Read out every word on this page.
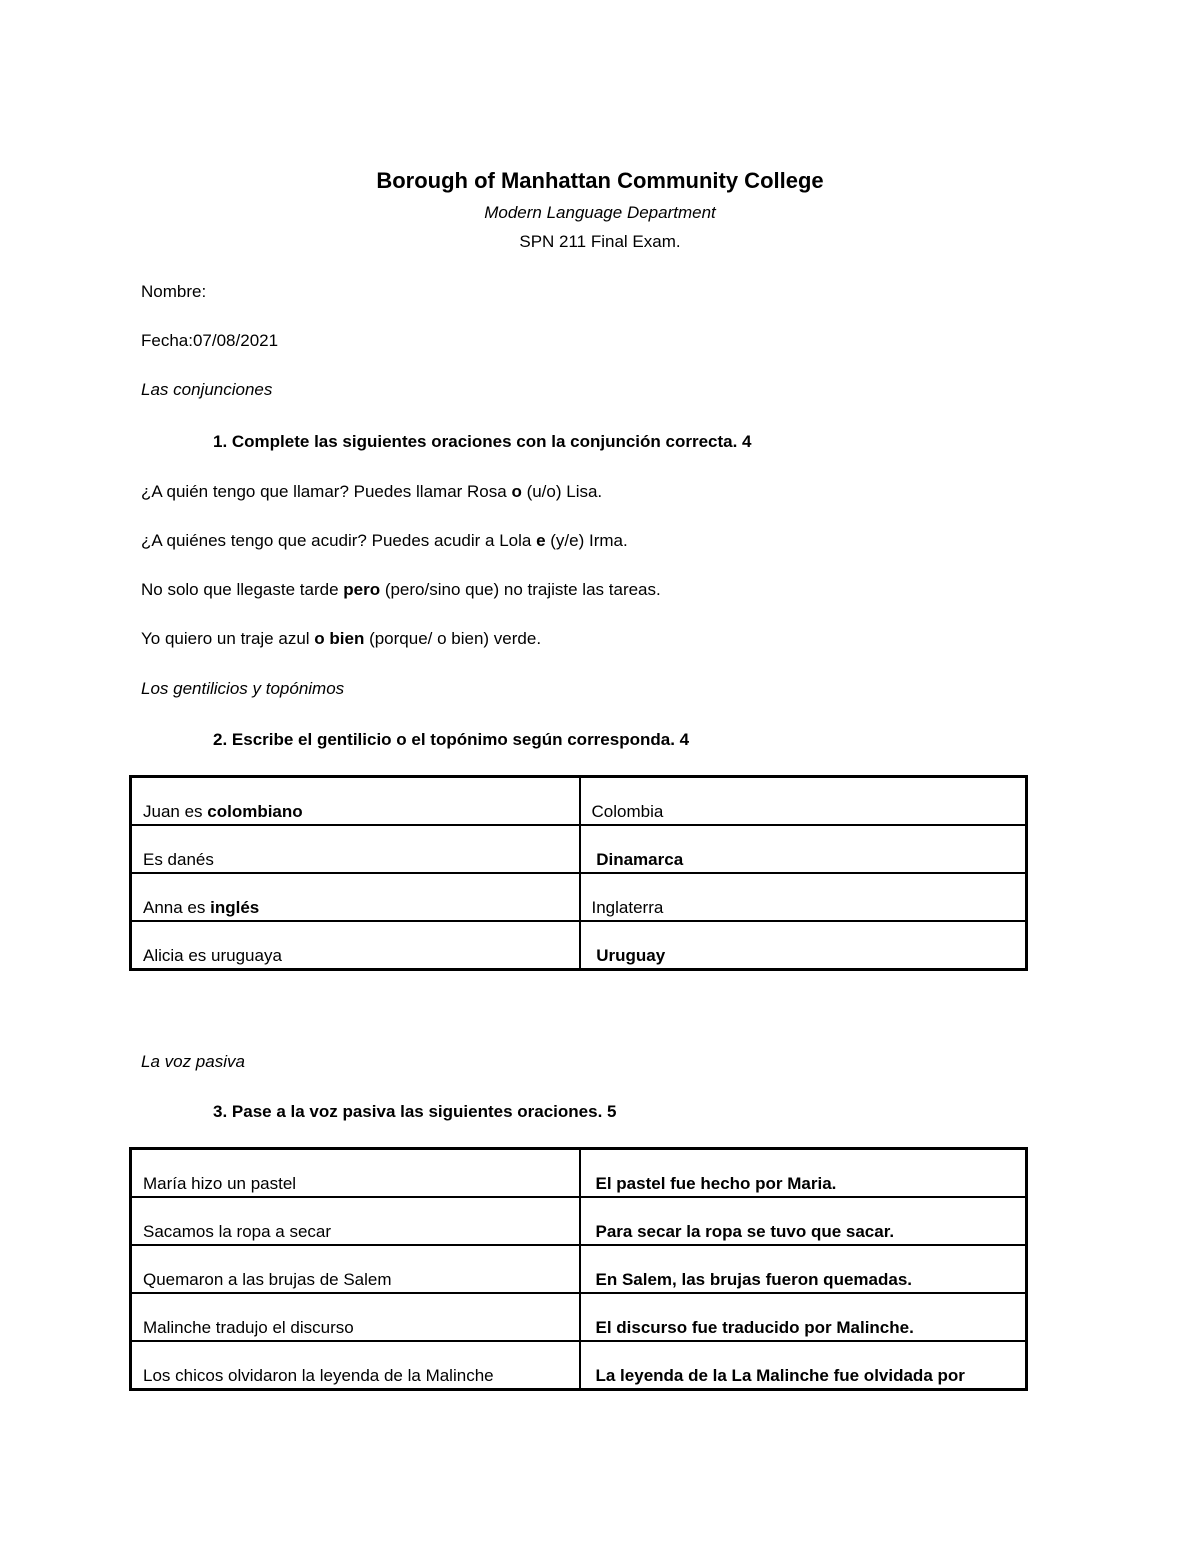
Borough of Manhattan Community College
Modern Language Department
SPN 211 Final Exam.
Nombre:
Fecha:07/08/2021
Las conjunciones
1. Complete las siguientes oraciones con la conjunción correcta. 4
¿A quién tengo que llamar? Puedes llamar Rosa o (u/o) Lisa.
¿A quiénes tengo que acudir? Puedes acudir a Lola e (y/e) Irma.
No solo que llegaste tarde pero (pero/sino que) no trajiste las tareas.
Yo quiero un traje azul o bien (porque/ o bien) verde.
Los gentilicios y topónimos
2. Escribe el gentilicio o el topónimo según corresponda. 4
Juan es colombiano	Colombia

Es danés	Dinamarca

Anna es inglés	Inglaterra

Alicia es uruguaya	Uruguay
La voz pasiva
3. Pase a la voz pasiva las siguientes oraciones. 5
María hizo un pastel	El pastel fue hecho por Maria.

Sacamos la ropa a secar	Para secar la ropa se tuvo que sacar.

Quemaron a las brujas de Salem	En Salem, las brujas fueron quemadas.

Malinche tradujo el discurso	El discurso fue traducido por Malinche.

Los chicos olvidaron la leyenda de la Malinche	La leyenda de la La Malinche fue olvidada por
